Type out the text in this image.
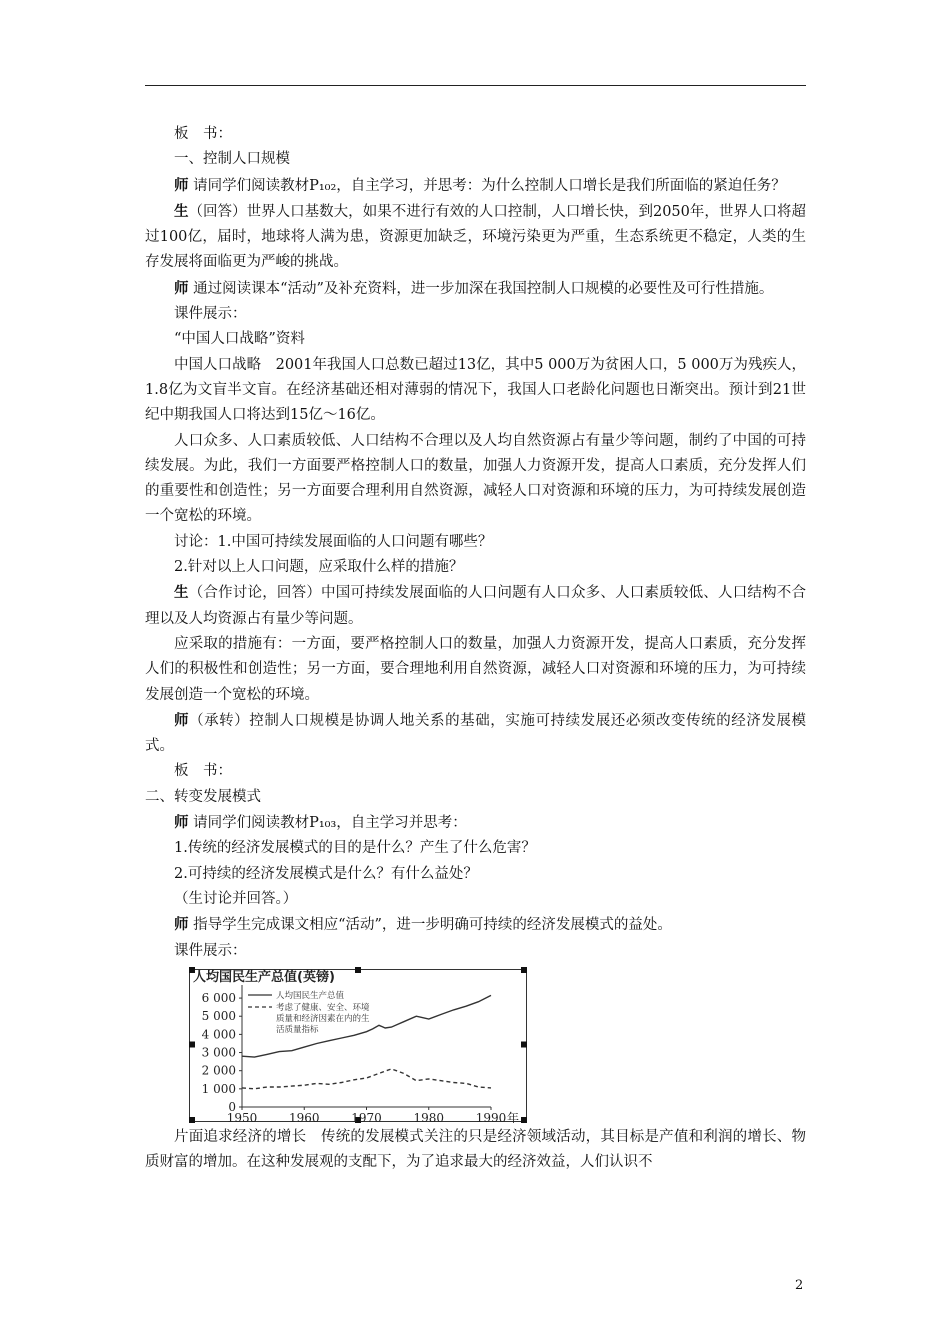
板　书：

一、控制人口规模

师 请同学们阅读教材P₁₀₂，自主学习，并思考：为什么控制人口增长是我们所面临的紧迫任务？

生（回答）世界人口基数大，如果不进行有效的人口控制，人口增长快，到2050年，世界人口将超过100亿，届时，地球将人满为患，资源更加缺乏，环境污染更为严重，生态系统更不稳定，人类的生存发展将面临更为严峻的挑战。

师 通过阅读课本“活动”及补充资料，进一步加深在我国控制人口规模的必要性及可行性措施。

课件展示：

“中国人口战略”资料

中国人口战略　2001年我国人口总数已超过13亿，其中5 000万为贫困人口，5 000万为残疾人，1.8亿为文盲半文盲。在经济基础还相对薄弱的情况下，我国人口老龄化问题也日渐突出。预计到21世纪中期我国人口将达到15亿～16亿。

人口众多、人口素质较低、人口结构不合理以及人均自然资源占有量少等问题，制约了中国的可持续发展。为此，我们一方面要严格控制人口的数量，加强人力资源开发，提高人口素质，充分发挥人们的重要性和创造性；另一方面要合理利用自然资源，减轻人口对资源和环境的压力，为可持续发展创造一个宽松的环境。

讨论：1.中国可持续发展面临的人口问题有哪些？

2.针对以上人口问题，应采取什么样的措施？

生（合作讨论，回答）中国可持续发展面临的人口问题有人口众多、人口素质较低、人口结构不合理以及人均资源占有量少等问题。

应采取的措施有：一方面，要严格控制人口的数量，加强人力资源开发，提高人口素质，充分发挥人们的积极性和创造性；另一方面，要合理地利用自然资源，减轻人口对资源和环境的压力，为可持续发展创造一个宽松的环境。

师（承转）控制人口规模是协调人地关系的基础，实施可持续发展还必须改变传统的经济发展模式。

板　书：

二、转变发展模式

师 请同学们阅读教材P₁₀₃，自主学习并思考：

1.传统的经济发展模式的目的是什么？产生了什么危害？

2.可持续的经济发展模式是什么？有什么益处？

（生讨论并回答。）

师 指导学生完成课文相应“活动”，进一步明确可持续的经济发展模式的益处。

课件展示：

人均国民生产总值(英镑)
0
1 000
2 000
3 000
4 000
5 000
6 000
1950	1960	1970	1980	1990 年
人均国民生产总值
考虑了健康、安全、环境
质量和经济因素在内的生
活质量指标

片面追求经济的增长　传统的发展模式关注的只是经济领域活动，其目标是产值和利润的增长、物质财富的增加。在这种发展观的支配下，为了追求最大的经济效益，人们认识不

2
